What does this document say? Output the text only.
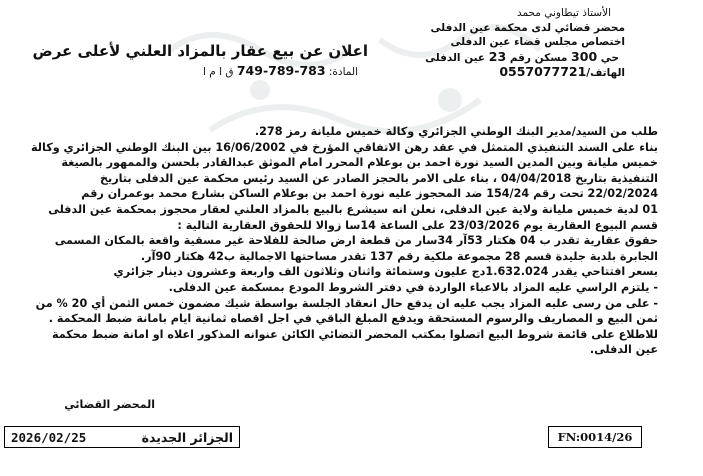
الأستاذ تيطاوني محمد
محضر قضائي لدى محكمة عين الدفلى
اختصاص مجلس قضاء عين الدفلى
حي 300 مسكن رقم 23 عين الدفلى
الهاتف/0557077721
اعلان عن بيع عقار بالمزاد العلني لأعلى عرض
المادة: 783-789-749 ق ا م ا
طلب من السيد/مدير البنك الوطني الجزائري وكالة خميس مليانة رمز 278.
بناء على السند التنفيذي المتمثل في عقد رهن الاتفاقي المؤرخ في 16/06/2002 بين البنك الوطني الجزائري وكالة
خميس مليانة وبين المدين السيد نورة احمد بن بوعلام المحرر امام الموثق عبدالقادر بلحسن والممهور بالصيغة
التنفيذية بتاريخ 04/04/2018 ، بناء على الامر بالحجز الصادر عن السيد رئيس محكمة عين الدفلى بتاريخ
22/02/2024 تحت رقم 154/24 ضد المحجوز عليه نورة احمد بن بوعلام الساكن بشارع محمد بوعمران رقم
01 لدية خميس مليانة ولاية عين الدفلى، نعلن انه سيشرع بالبيع بالمزاد العلني لعقار محجوز بمحكمة عين الدفلى
قسم البيوع العقارية يوم 23/03/2026 على الساعة 14سا زوالا للحقوق العقارية التالية :
حقوق عقارية تقدر ب 04 هكتار 53آر 34سار من قطعة ارض صالحة للفلاحة غير مسقية واقعة بالمكان المسمى
الجابرة بلدية جليدة قسم 28 مجموعة ملكية رقم 137 تقدر مساحتها الاجمالية ب42 هكتار 90آر.
بسعر افتتاحي يقدر 1.632.024دج عليون وستمائة واثنان وثلاثون الف واربعة وعشرون دينار جزائري
- يلتزم الراسي عليه المزاد بالاعباء الواردة في دفتر الشروط المودع بمسكمة عين الدفلى.
- على من رسى عليه المزاد يجب عليه ان يدفع حال انعقاد الجلسة بواسطة شيك مضمون خمس الثمن أي 20 % من
ثمن البيع و المصاريف والرسوم المستحقة ويدفع المبلغ الباقي في اجل اقصاه ثمانية ايام بامانة ضبط المحكمة .
للاطلاع على قائمة شروط البيع اتصلوا بمكتب المحضر التضائي الكائن عنوانه المذكور اعلاه او امانة ضبط محكمة
عين الدفلى.
المحضر القضائي
2026/02/25	الجزائر الجديدة	FN:0014/26
